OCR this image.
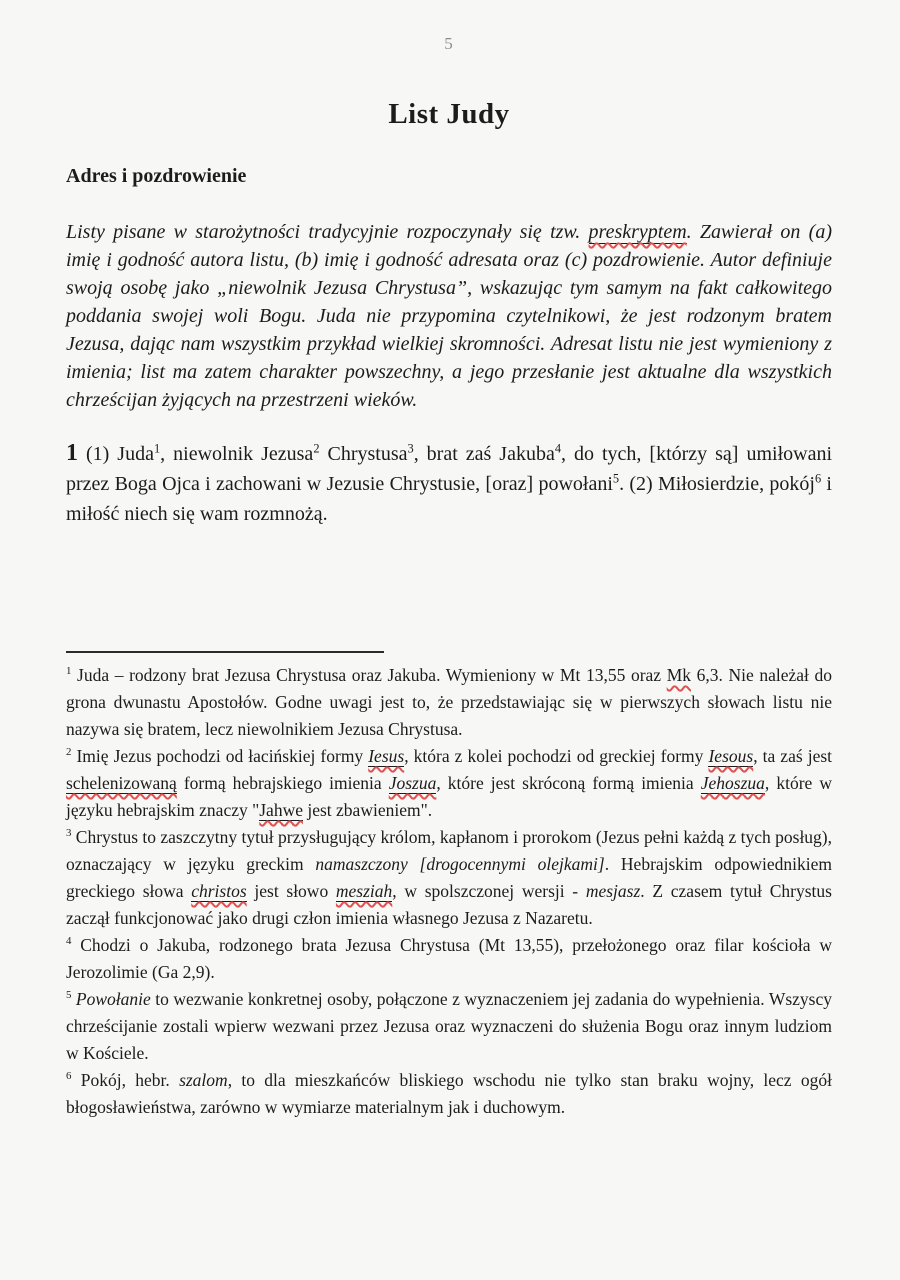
5
List Judy
Adres i pozdrowienie

Listy pisane w starożytności tradycyjnie rozpoczynały się tzw. preskryptem. Zawierał on (a) imię i godność autora listu, (b) imię i godność adresata oraz (c) pozdrowienie. Autor definiuje swoją osobę jako „niewolnik Jezusa Chrystusa”, wskazując tym samym na fakt całkowitego poddania swojej woli Bogu. Juda nie przypomina czytelnikowi, że jest rodzonym bratem Jezusa, dając nam wszystkim przykład wielkiej skromności. Adresat listu nie jest wymieniony z imienia; list ma zatem charakter powszechny, a jego przesłanie jest aktualne dla wszystkich chrześcijan żyjących na przestrzeni wieków.

1 (1) Juda$^1$, niewolnik Jezusa$^2$ Chrystusa$^3$, brat zaś Jakuba$^4$, do tych, [którzy są] umiłowani przez Boga Ojca i zachowani w Jezusie Chrystusie, [oraz] powołani$^5$. (2) Miłosierdzie, pokój$^6$ i miłość niech się wam rozmnożą.

$^1$ Juda – rodzony brat Jezusa Chrystusa oraz Jakuba. Wymieniony w Mt 13,55 oraz Mk 6,3. Nie należał do grona dwunastu Apostołów. Godne uwagi jest to, że przedstawiając się w pierwszych słowach listu nie nazywa się bratem, lecz niewolnikiem Jezusa Chrystusa.

$^2$ Imię Jezus pochodzi od łacińskiej formy Iesus, która z kolei pochodzi od greckiej formy Iesous, ta zaś jest schelenizowaną formą hebrajskiego imienia Joszua, które jest skróconą formą imienia Jehoszua, które w języku hebrajskim znaczy "Jahwe jest zbawieniem".

$^3$ Chrystus to zaszczytny tytuł przysługujący królom, kapłanom i prorokom (Jezus pełni każdą z tych posług), oznaczający w języku greckim namaszczony [drogocennymi olejkami]. Hebrajskim odpowiednikiem greckiego słowa christos jest słowo mesziah, w spolszczonej wersji - mesjasz. Z czasem tytuł Chrystus zaczął funkcjonować jako drugi człon imienia własnego Jezusa z Nazaretu.

$^4$ Chodzi o Jakuba, rodzonego brata Jezusa Chrystusa (Mt 13,55), przełożonego oraz filar kościoła w Jerozolimie (Ga 2,9).

$^5$ Powołanie to wezwanie konkretnej osoby, połączone z wyznaczeniem jej zadania do wypełnienia. Wszyscy chrześcijanie zostali wpierw wezwani przez Jezusa oraz wyznaczeni do służenia Bogu oraz innym ludziom w Kościele.

$^6$ Pokój, hebr. szalom, to dla mieszkańców bliskiego wschodu nie tylko stan braku wojny, lecz ogół błogosławieństwa, zarówno w wymiarze materialnym jak i duchowym.
